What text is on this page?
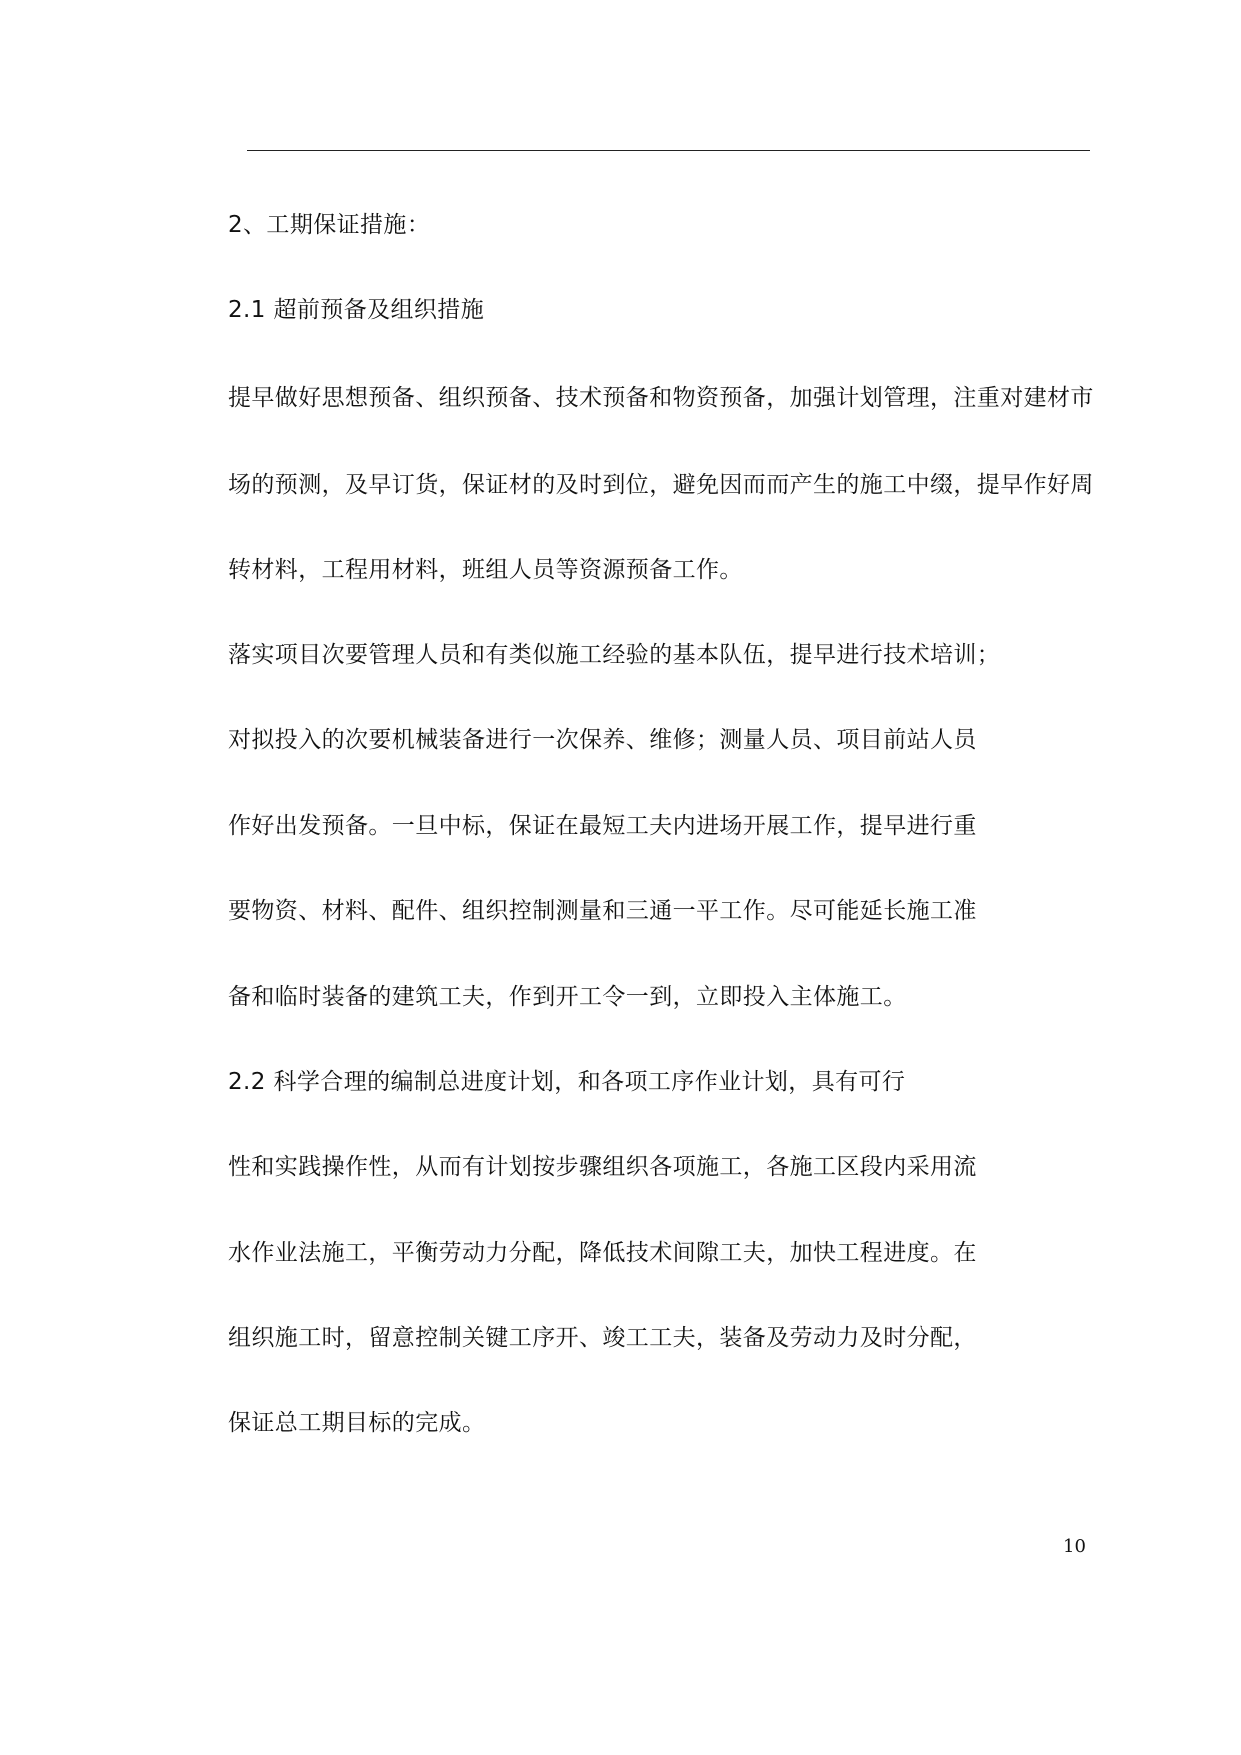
2、工期保证措施：
2.1 超前预备及组织措施
提早做好思想预备、组织预备、技术预备和物资预备，加强计划管理，注重对建材市
场的预测，及早订货，保证材的及时到位，避免因而而产生的施工中缀，提早作好周
转材料，工程用材料，班组人员等资源预备工作。
落实项目次要管理人员和有类似施工经验的基本队伍，提早进行技术培训；
对拟投入的次要机械装备进行一次保养、维修；测量人员、项目前站人员
作好出发预备。一旦中标，保证在最短工夫内进场开展工作，提早进行重
要物资、材料、配件、组织控制测量和三通一平工作。尽可能延长施工准
备和临时装备的建筑工夫，作到开工令一到，立即投入主体施工。
2.2 科学合理的编制总进度计划，和各项工序作业计划，具有可行
性和实践操作性，从而有计划按步骤组织各项施工，各施工区段内采用流
水作业法施工，平衡劳动力分配，降低技术间隙工夫，加快工程进度。在
组织施工时，留意控制关键工序开、竣工工夫，装备及劳动力及时分配，
保证总工期目标的完成。
10
